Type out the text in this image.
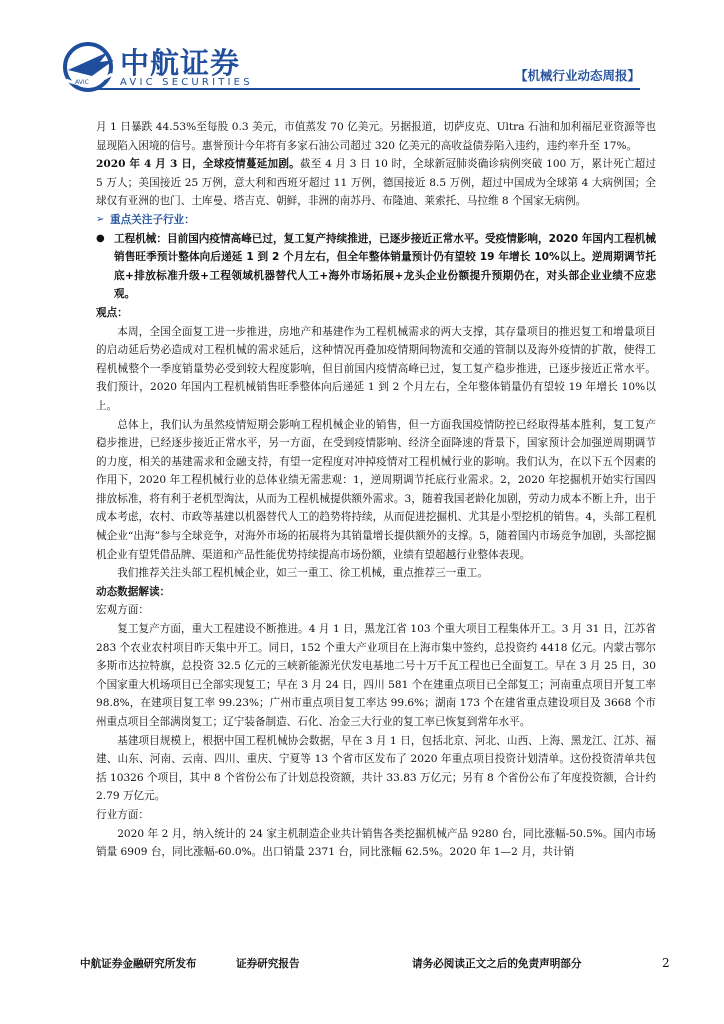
AVIC
中航证券
AVIC SECURITIES	【机械行业动态周报】

月 1 日暴跌 44.53%至每股 0.3 美元，市值蒸发 70 亿美元。另据报道，切萨皮克、Ultra 石油和加利福尼亚资源等也显现陷入困境的信号。惠誉预计今年将有多家石油公司超过 320 亿美元的高收益债券陷入违约，违约率升至 17%。

2020 年 4 月 3 日，全球疫情蔓延加剧。截至 4 月 3 日 10 时，全球新冠肺炎确诊病例突破 100 万，累计死亡超过 5 万人；美国接近 25 万例，意大利和西班牙超过 11 万例，德国接近 8.5 万例，超过中国成为全球第 4 大病例国；全球仅有亚洲的也门、土库曼、塔吉克、朝鲜，非洲的南苏丹、布隆迪、莱索托、马拉维 8 个国家无病例。

➢ 重点关注子行业：
● 工程机械：目前国内疫情高峰已过，复工复产持续推进，已逐步接近正常水平。受疫情影响，2020 年国内工程机械销售旺季预计整体向后递延 1 到 2 个月左右，但全年整体销量预计仍有望较 19 年增长 10%以上。逆周期调节托底+排放标准升级+工程领域机器替代人工+海外市场拓展+龙头企业份额提升预期仍在，对头部企业业绩不应悲观。

观点：

本周，全国全面复工进一步推进，房地产和基建作为工程机械需求的两大支撑，其存量项目的推迟复工和增量项目的启动延后势必造成对工程机械的需求延后，这种情况再叠加疫情期间物流和交通的管制以及海外疫情的扩散，使得工程机械整个一季度销量势必受到较大程度影响，但目前国内疫情高峰已过，复工复产稳步推进，已逐步接近正常水平。我们预计，2020 年国内工程机械销售旺季整体向后递延 1 到 2 个月左右，全年整体销量仍有望较 19 年增长 10%以上。

总体上，我们认为虽然疫情短期会影响工程机械企业的销售，但一方面我国疫情防控已经取得基本胜利，复工复产稳步推进，已经逐步接近正常水平，另一方面，在受到疫情影响、经济全面降速的背景下，国家预计会加强逆周期调节的力度，相关的基建需求和金融支持，有望一定程度对冲掉疫情对工程机械行业的影响。我们认为，在以下五个因素的作用下，2020 年工程机械行业的总体业绩无需悲观：1，逆周期调节托底行业需求。2，2020 年挖掘机开始实行国四排放标准，将有利于老机型淘汰，从而为工程机械提供额外需求。3，随着我国老龄化加剧，劳动力成本不断上升，出于成本考虑，农村、市政等基建以机器替代人工的趋势将持续，从而促进挖掘机、尤其是小型挖机的销售。4，头部工程机械企业“出海”参与全球竞争，对海外市场的拓展将为其销量增长提供额外的支撑。5，随着国内市场竞争加剧，头部挖掘机企业有望凭借品牌、渠道和产品性能优势持续提高市场份额，业绩有望超越行业整体表现。

我们推荐关注头部工程机械企业，如三一重工、徐工机械，重点推荐三一重工。

动态数据解读：

宏观方面：

复工复产方面，重大工程建设不断推进。4 月 1 日，黑龙江省 103 个重大项目工程集体开工。3 月 31 日，江苏省 283 个农业农村项目昨天集中开工。同日，152 个重大产业项目在上海市集中签约，总投资约 4418 亿元。内蒙古鄂尔多斯市达拉特旗，总投资 32.5 亿元的三峡新能源光伏发电基地二号十万千瓦工程也已全面复工。早在 3 月 25 日，30 个国家重大机场项目已全部实现复工；早在 3 月 24 日，四川 581 个在建重点项目已全部复工；河南重点项目开复工率 98.8%，在建项目复工率 99.23%；广州市重点项目复工率达 99.6%；湖南 173 个在建省重点建设项目及 3668 个市州重点项目全部满岗复工；辽宁装备制造、石化、冶金三大行业的复工率已恢复到常年水平。

基建项目规模上，根据中国工程机械协会数据，早在 3 月 1 日，包括北京、河北、山西、上海、黑龙江、江苏、福建、山东、河南、云南、四川、重庆、宁夏等 13 个省市区发布了 2020 年重点项目投资计划清单。这份投资清单共包括 10326 个项目，其中 8 个省份公布了计划总投资额，共计 33.83 万亿元；另有 8 个省份公布了年度投资额，合计约 2.79 万亿元。

行业方面：

2020 年 2 月，纳入统计的 24 家主机制造企业共计销售各类挖掘机械产品 9280 台，同比涨幅-50.5%。国内市场销量 6909 台，同比涨幅-60.0%。出口销量 2371 台，同比涨幅 62.5%。2020 年 1—2 月，共计销

中航证券金融研究所发布	证券研究报告	请务必阅读正文之后的免责声明部分	2
